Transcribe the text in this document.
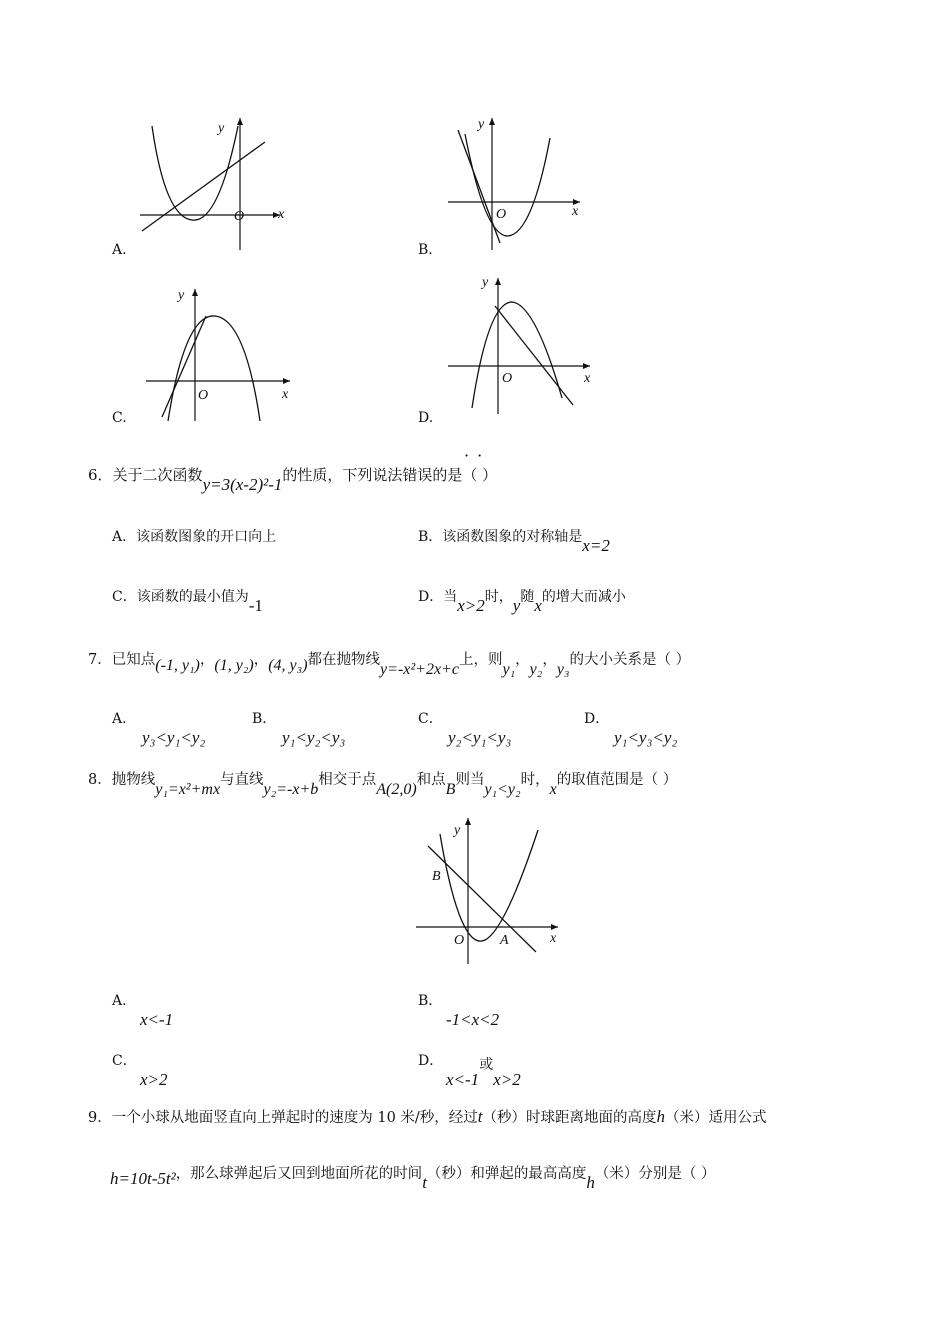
y
x
O
A.
y
x
O
B.
y
x
O
C.
y
x
O
D.
··
6．关于二次函数y=3(x-2)²-1的性质，下列说法错误的是（ ）
A．该函数图象的开口向上	B．该函数图象的对称轴是x=2
C．该函数的最小值为-1	D．当x>2时，y随x的增大而减小
7．已知点(-1, y₁)，(1, y₂)，(4, y₃)都在抛物线y=-x²+2x+c上，则y₁，y₂，y₃的大小关系是（ ）
A．
y₃<y₁<y₂
B．
y₁<y₂<y₃
C．
y₂<y₁<y₃
D．
y₁<y₃<y₂
8．抛物线y₁=x²+mx与直线y₂=-x+b相交于点A(2,0)和点B则当y₁<y₂时，x的取值范围是（ ）
y
x
O	A
B
A．
x<-1
B．
-1<x<2
C．
x>2
D．
x<-1或x>2
9．一个小球从地面竖直向上弹起时的速度为 10 米/秒，经过t（秒）时球距离地面的高度h（米）适用公式
h=10t-5t²，那么球弹起后又回到地面所花的时间t（秒）和弹起的最高高度h（米）分别是（ ）
